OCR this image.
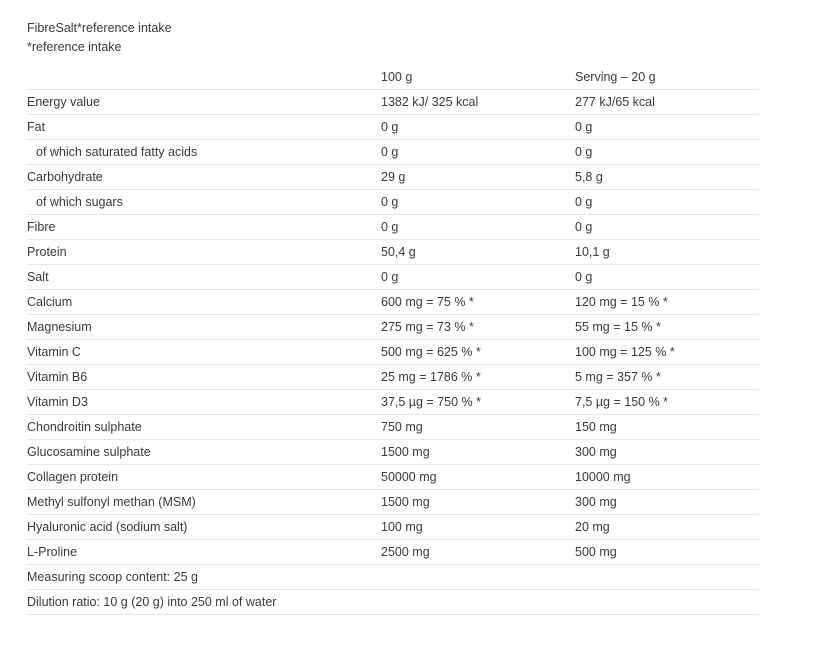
FibreSalt*reference intake
*reference intake
	100 g	Serving – 20 g
Energy value	1382 kJ/ 325 kcal	277 kJ/65 kcal
Fat	0 g	0 g
of which saturated fatty acids	0 g	0 g
Carbohydrate	29 g	5,8 g
of which sugars	0 g	0 g
Fibre	0 g	0 g
Protein	50,4 g	10,1 g
Salt	0 g	0 g
Calcium	600 mg = 75 % *	120 mg = 15 % *
Magnesium	275 mg = 73 % *	55 mg = 15 % *
Vitamin C	500 mg = 625 % *	100 mg = 125 % *
Vitamin B6	25 mg = 1786 % *	5 mg = 357 % *
Vitamin D3	37,5 µg = 750 % *	7,5 µg = 150 % *
Chondroitin sulphate	750 mg	150 mg
Glucosamine sulphate	1500 mg	300 mg
Collagen protein	50000 mg	10000 mg
Methyl sulfonyl methan (MSM)	1500 mg	300 mg
Hyaluronic acid (sodium salt)	100 mg	20 mg
L-Proline	2500 mg	500 mg
Measuring scoop content: 25 g		
Dilution ratio: 10 g (20 g) into 250 ml of water		
